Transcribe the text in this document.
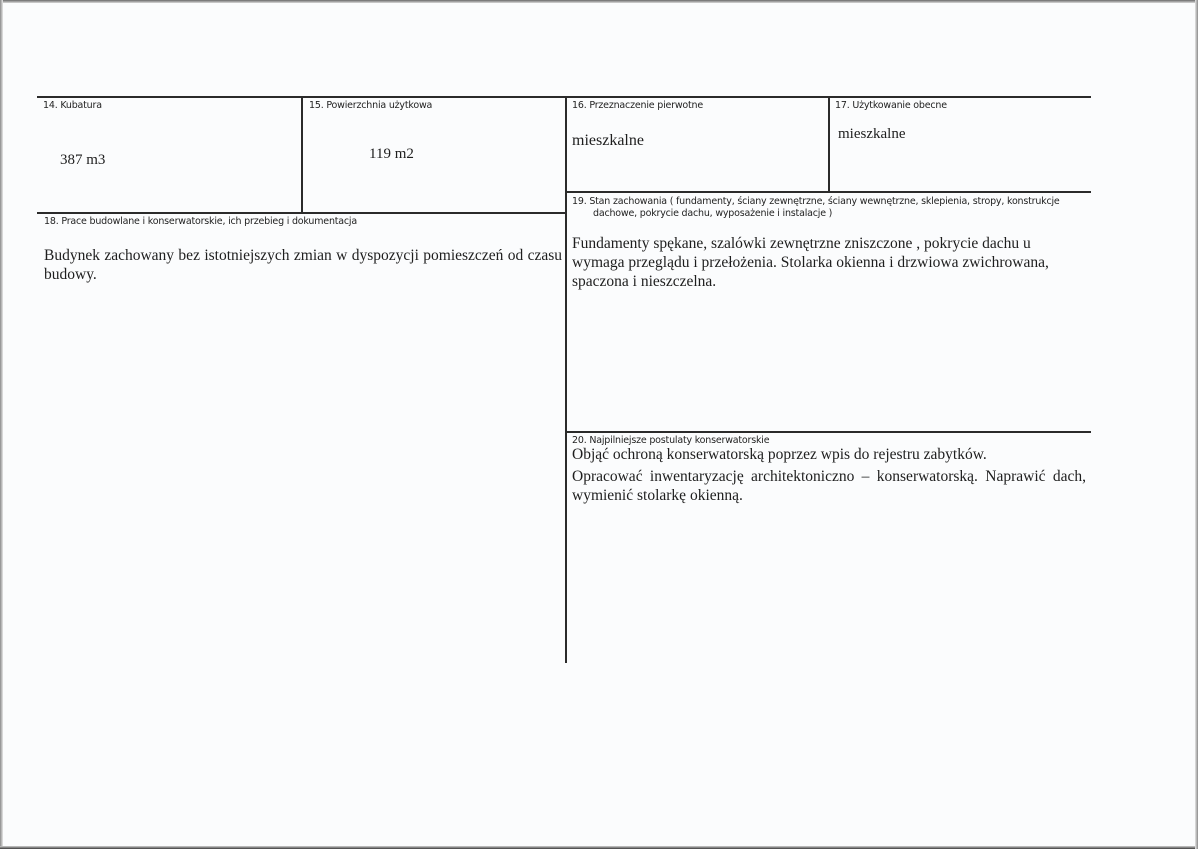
14. Kubatura
387 m3
15. Powierzchnia użytkowa
119 m2
16. Przeznaczenie pierwotne
mieszkalne
17. Użytkowanie obecne
mieszkalne
18. Prace budowlane i konserwatorskie, ich przebieg i dokumentacja
Budynek zachowany bez istotniejszych zmian w dyspozycji pomieszczeń od czasu budowy.
19. Stan zachowania ( fundamenty, ściany zewnętrzne, ściany wewnętrzne, sklepienia, stropy, konstrukcje
dachowe, pokrycie dachu, wyposażenie i instalacje )
Fundamenty spękane, szalówki zewnętrzne zniszczone , pokrycie dachu u wymaga przeglądu i przełożenia. Stolarka okienna i drzwiowa zwichrowana, spaczona i nieszczelna.
20. Najpilniejsze postulaty konserwatorskie
Objąć ochroną konserwatorską poprzez wpis do rejestru zabytków.
Opracować inwentaryzację architektoniczno – konserwatorską. Naprawić dach, wymienić stolarkę okienną.
